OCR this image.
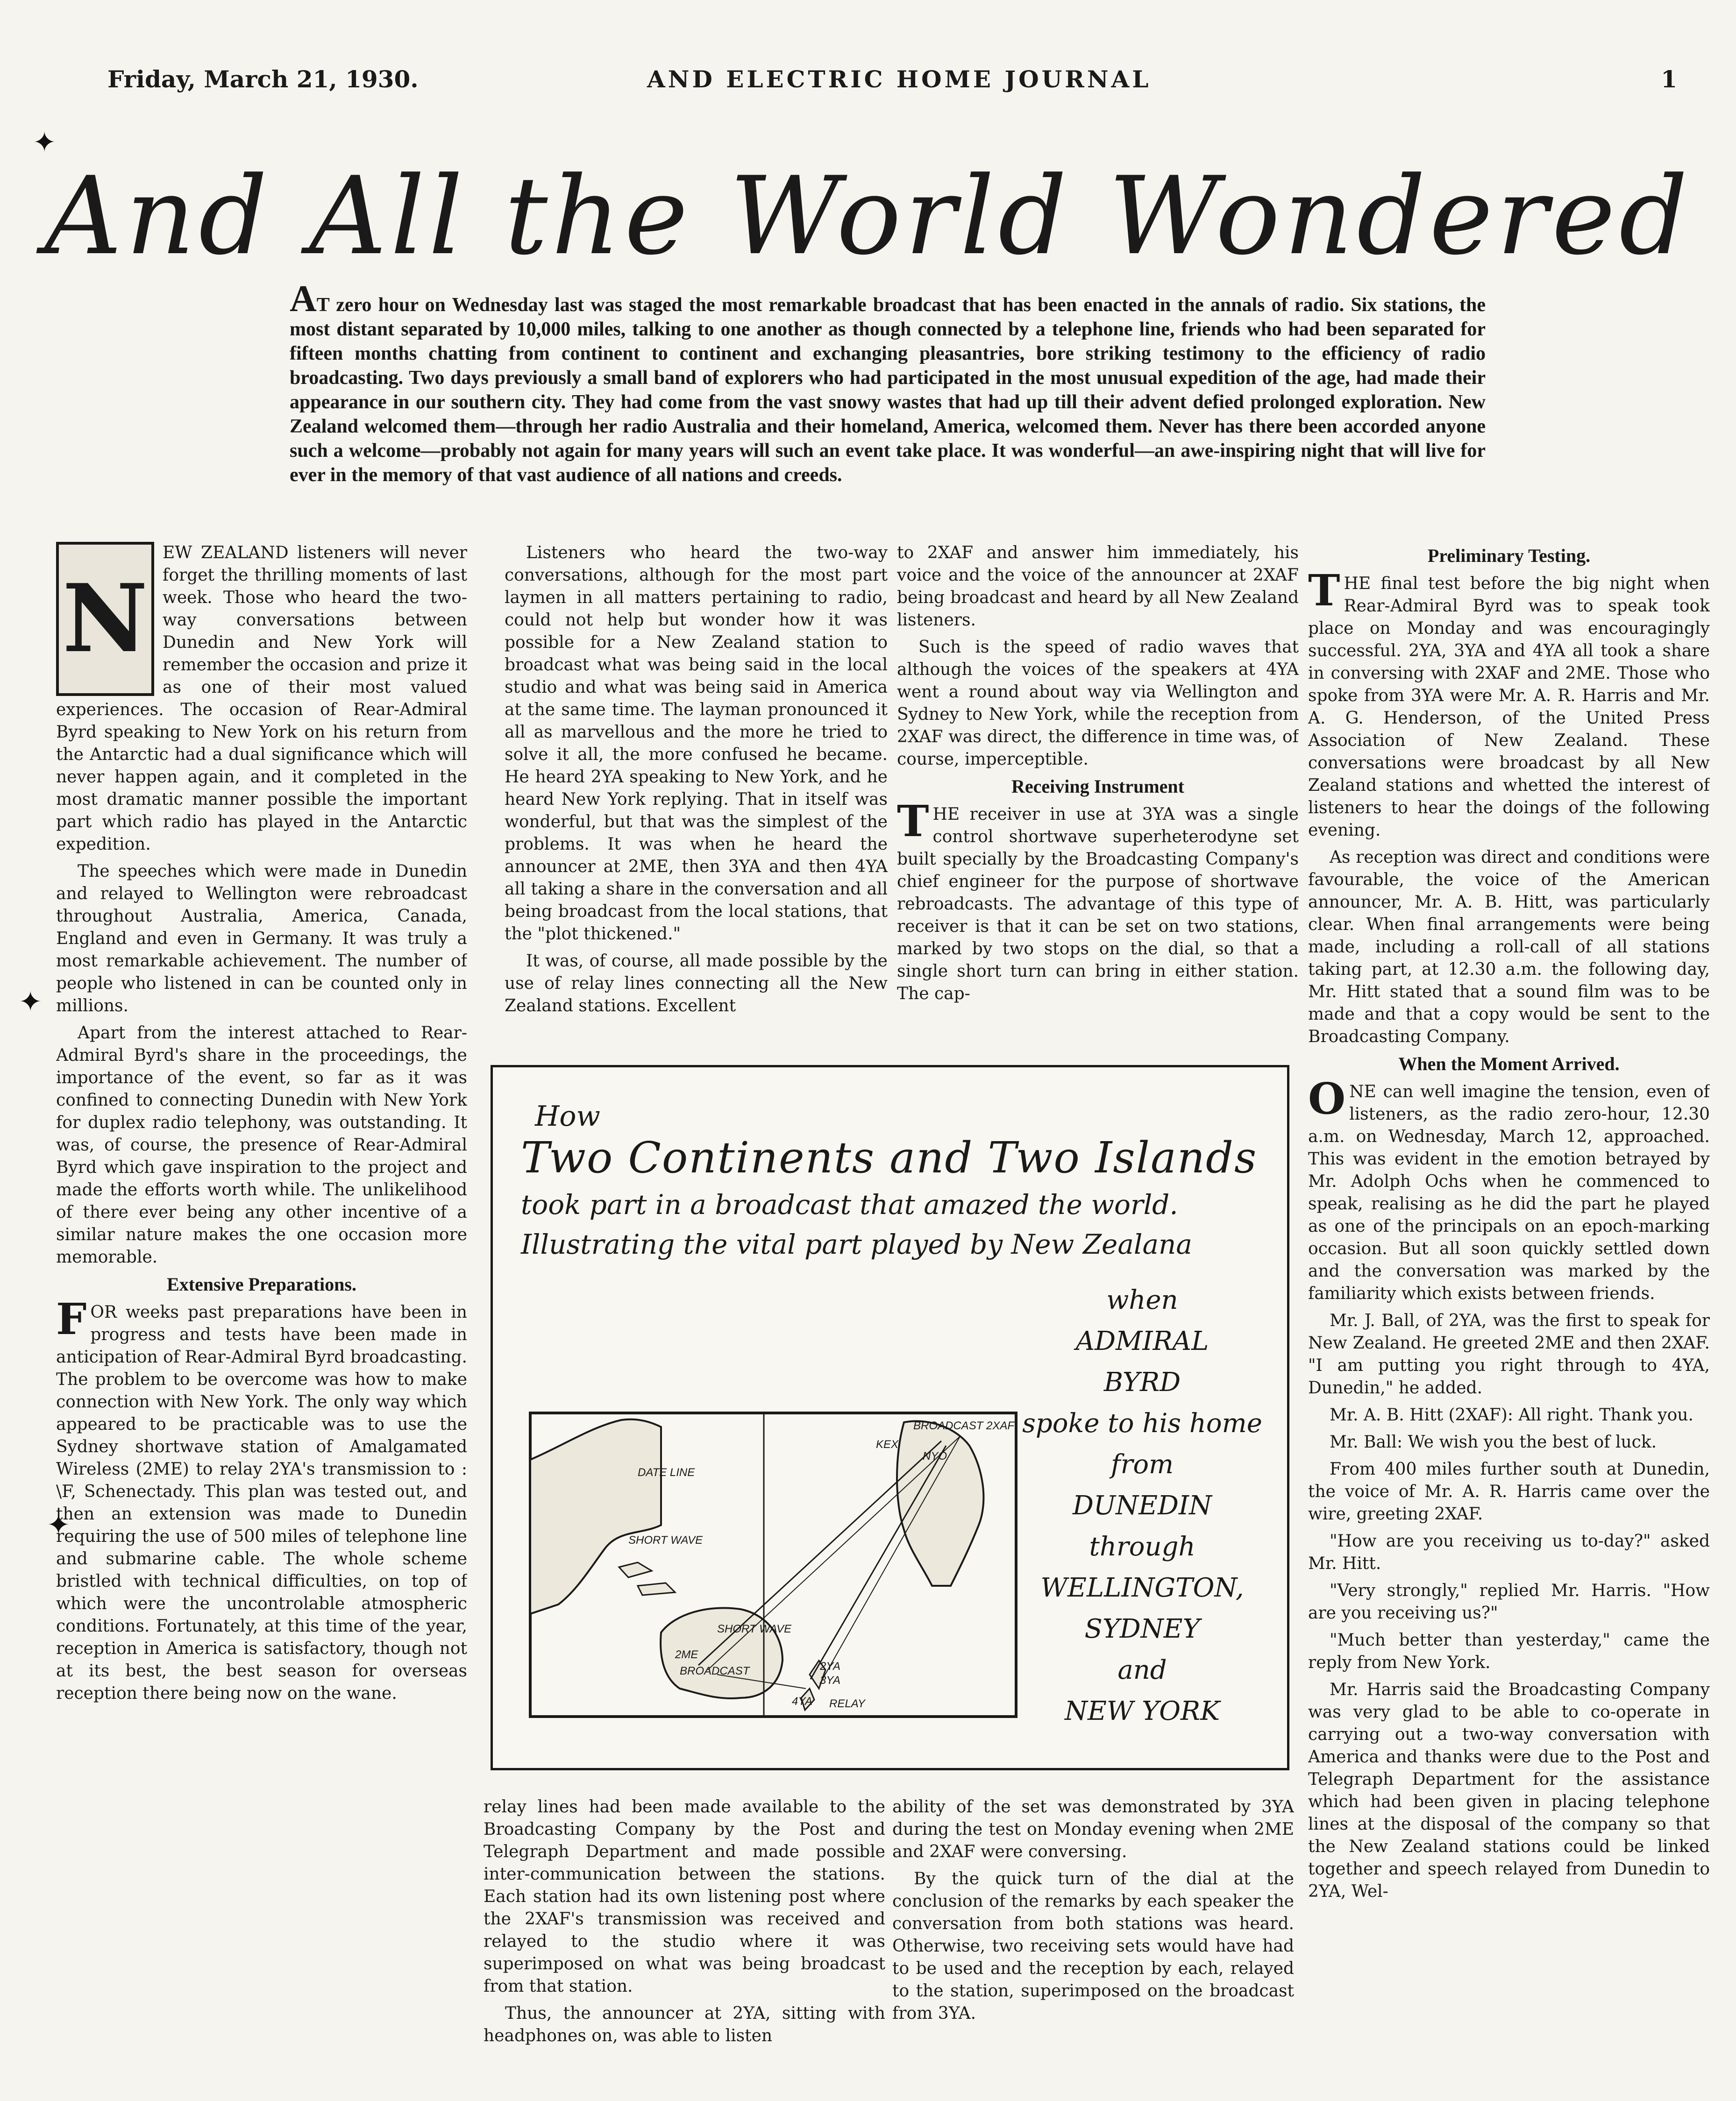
Friday, March 21, 1930.	AND ELECTRIC HOME JOURNAL	1
And All the World Wondered
AT zero hour on Wednesday last was staged the most remarkable broadcast that has been enacted in the annals of radio. Six stations, the most distant separated by 10,000 miles, talking to one another as though connected by a telephone line, friends who had been separated for fifteen months chatting from continent to continent and exchanging pleasantries, bore striking testimony to the efficiency of radio broadcasting. Two days previously a small band of explorers who had participated in the most unusual expedition of the age, had made their appearance in our southern city. They had come from the vast snowy wastes that had up till their advent defied prolonged exploration. New Zealand welcomed them—through her radio Australia and their homeland, America, welcomed them. Never has there been accorded anyone such a welcome—probably not again for many years will such an event take place. It was wonderful—an awe-inspiring night that will live for ever in the memory of that vast audience of all nations and creeds.

N
EW ZEALAND listeners will never forget the thrilling moments of last week. Those who heard the two-way conversations between Dunedin and New York will remember the occasion and prize it as one of their most valued experiences. The occasion of Rear-Admiral Byrd speaking to New York on his return from the Antarctic had a dual significance which will never happen again, and it completed in the most dramatic manner possible the important part which radio has played in the Antarctic expedition.

The speeches which were made in Dunedin and relayed to Wellington were rebroadcast throughout Australia, America, Canada, England and even in Germany. It was truly a most remarkable achievement. The number of people who listened in can be counted only in millions.

Apart from the interest attached to Rear-Admiral Byrd's share in the proceedings, the importance of the event, so far as it was confined to connecting Dunedin with New York for duplex radio telephony, was outstanding. It was, of course, the presence of Rear-Admiral Byrd which gave inspiration to the project and made the efforts worth while. The unlikelihood of there ever being any other incentive of a similar nature makes the one occasion more memorable.

Extensive Preparations.

FOR weeks past preparations have been in progress and tests have been made in anticipation of Rear-Admiral Byrd broadcasting. The problem to be overcome was how to make connection with New York. The only way which appeared to be practicable was to use the Sydney shortwave station of Amalgamated Wireless (2ME) to relay 2YA's transmission to : \F, Schenectady. This plan was tested out, and then an extension was made to Dunedin requiring the use of 500 miles of telephone line and submarine cable. The whole scheme bristled with technical difficulties, on top of which were the uncontrolable atmospheric conditions. Fortunately, at this time of the year, reception in America is satisfactory, though not at its best, the best season for overseas reception there being now on the wane.

Listeners who heard the two-way conversations, although for the most part laymen in all matters pertaining to radio, could not help but wonder how it was possible for a New Zealand station to broadcast what was being said in the local studio and what was being said in America at the same time. The layman pronounced it all as marvellous and the more he tried to solve it all, the more confused he became. He heard 2YA speaking to New York, and he heard New York replying. That in itself was wonderful, but that was the simplest of the problems. It was when he heard the announcer at 2ME, then 3YA and then 4YA all taking a share in the conversation and all being broadcast from the local stations, that the "plot thickened."

It was, of course, all made possible by the use of relay lines connecting all the New Zealand stations. Excellent

to 2XAF and answer him immediately, his voice and the voice of the announcer at 2XAF being broadcast and heard by all New Zealand listeners.

Such is the speed of radio waves that although the voices of the speakers at 4YA went a round about way via Wellington and Sydney to New York, while the reception from 2XAF was direct, the difference in time was, of course, imperceptible.

Receiving Instrument

THE receiver in use at 3YA was a single control shortwave superheterodyne set built specially by the Broadcasting Company's chief engineer for the purpose of shortwave rebroadcasts. The advantage of this type of receiver is that it can be set on two stations, marked by two stops on the dial, so that a single short turn can bring in either station. The cap-

Preliminary Testing.

THE final test before the big night when Rear-Admiral Byrd was to speak took place on Monday and was encouragingly successful. 2YA, 3YA and 4YA all took a share in conversing with 2XAF and 2ME. Those who spoke from 3YA were Mr. A. R. Harris and Mr. A. G. Henderson, of the United Press Association of New Zealand. These conversations were broadcast by all New Zealand stations and whetted the interest of listeners to hear the doings of the following evening.

As reception was direct and conditions were favourable, the voice of the American announcer, Mr. A. B. Hitt, was particularly clear. When final arrangements were being made, including a roll-call of all stations taking part, at 12.30 a.m. the following day, Mr. Hitt stated that a sound film was to be made and that a copy would be sent to the Broadcasting Company.

When the Moment Arrived.

ONE can well imagine the tension, even of listeners, as the radio zero-hour, 12.30 a.m. on Wednesday, March 12, approached. This was evident in the emotion betrayed by Mr. Adolph Ochs when he commenced to speak, realising as he did the part he played as one of the principals on an epoch-marking occasion. But all soon quickly settled down and the conversation was marked by the familiarity which exists between friends.

Mr. J. Ball, of 2YA, was the first to speak for New Zealand. He greeted 2ME and then 2XAF. "I am putting you right through to 4YA, Dunedin," he added.

Mr. A. B. Hitt (2XAF): All right. Thank you.

Mr. Ball: We wish you the best of luck.

From 400 miles further south at Dunedin, the voice of Mr. A. R. Harris came over the wire, greeting 2XAF.

"How are you receiving us to-day?" asked Mr. Hitt.

"Very strongly," replied Mr. Harris. "How are you receiving us?"

"Much better than yesterday," came the reply from New York.

Mr. Harris said the Broadcasting Company was very glad to be able to co-operate in carrying out a two-way conversation with America and thanks were due to the Post and Telegraph Department for the assistance which had been given in placing telephone lines at the disposal of the company so that the New Zealand stations could be linked together and speech relayed from Dunedin to 2YA, Wel-

How
Two Continents and Two Islands
took part in a broadcast that amazed the world.
Illustrating the vital part played by New Zealana
DATE LINE
SHORT WAVE
SHORT WAVE
BROADCAST 2XAF
KEX
NYO
2ME
BROADCAST	2YA
3YA
4YA RELAY
when
ADMIRAL
BYRD
spoke to his home
from
DUNEDIN
through
WELLINGTON,
SYDNEY
and
NEW YORK

relay lines had been made available to the Broadcasting Company by the Post and Telegraph Department and made possible inter-communication between the stations. Each station had its own listening post where the 2XAF's transmission was received and relayed to the studio where it was superimposed on what was being broadcast from that station.

Thus, the announcer at 2YA, sitting with headphones on, was able to listen

ability of the set was demonstrated by 3YA during the test on Monday evening when 2ME and 2XAF were conversing.

By the quick turn of the dial at the conclusion of the remarks by each speaker the conversation from both stations was heard. Otherwise, two receiving sets would have had to be used and the reception by each, relayed to the station, superimposed on the broadcast from 3YA.

✦
✦
✦
